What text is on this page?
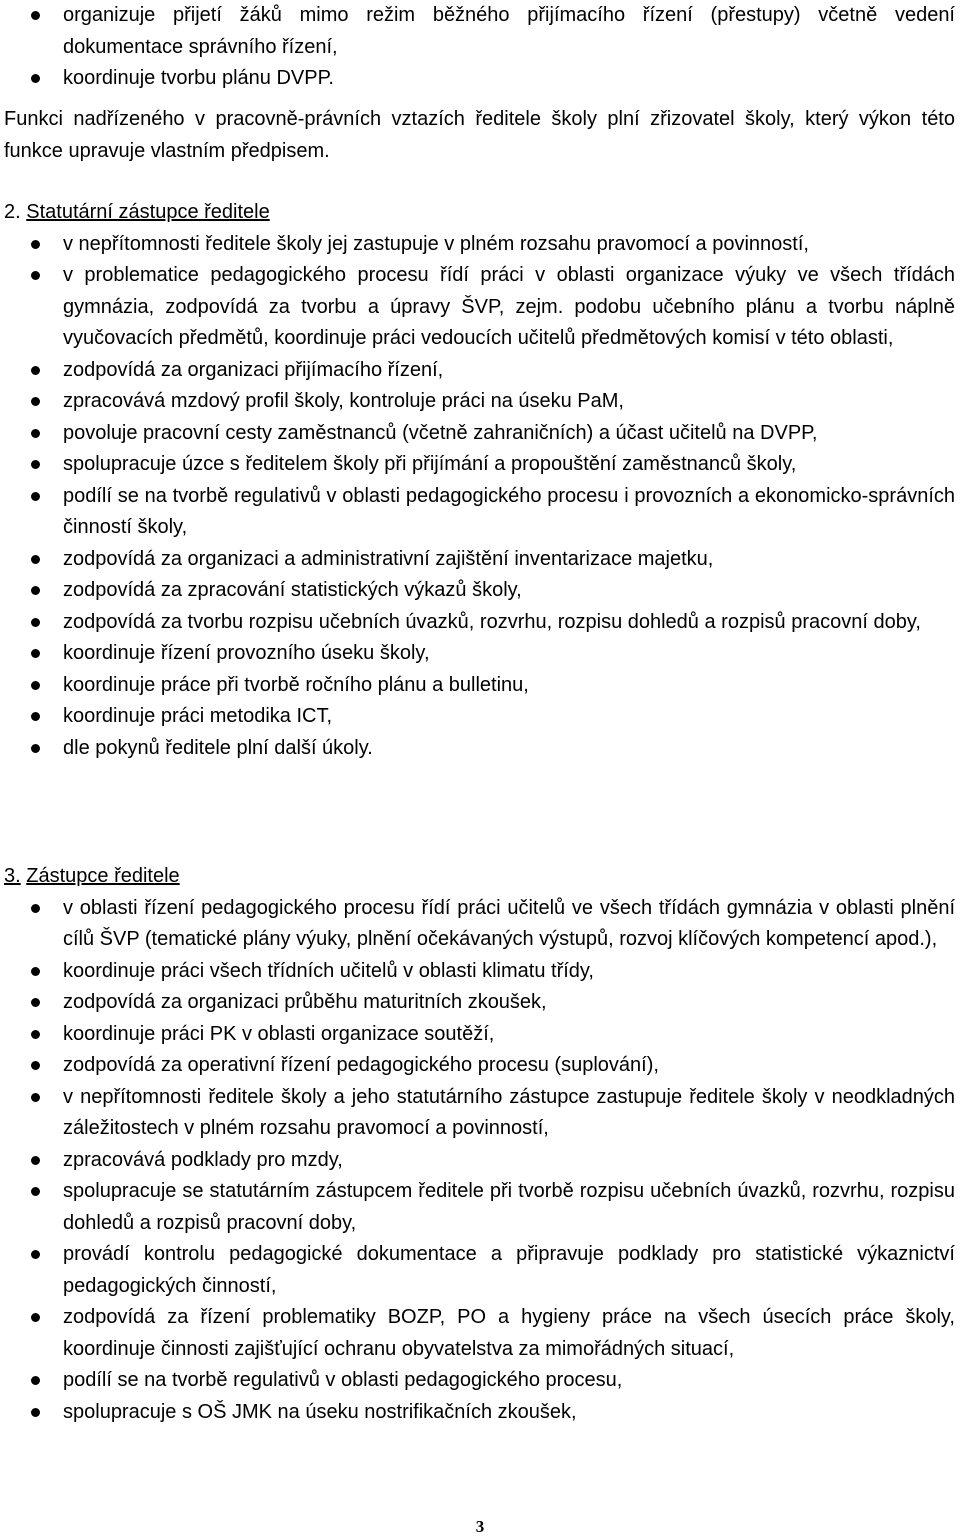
organizuje přijetí žáků mimo režim běžného přijímacího řízení (přestupy) včetně vedení dokumentace správního řízení,
koordinuje tvorbu plánu DVPP.

Funkci nadřízeného v pracovně-právních vztazích ředitele školy plní zřizovatel školy, který výkon této funkce upravuje vlastním předpisem.

2. Statutární zástupce ředitele

v nepřítomnosti ředitele školy jej zastupuje v plném rozsahu pravomocí a povinností,
v problematice pedagogického procesu řídí práci v oblasti organizace výuky ve všech třídách gymnázia, zodpovídá za tvorbu a úpravy ŠVP, zejm. podobu učebního plánu a tvorbu náplně vyučovacích předmětů, koordinuje práci vedoucích učitelů předmětových komisí v této oblasti,
zodpovídá za organizaci přijímacího řízení,
zpracovává mzdový profil školy, kontroluje práci na úseku PaM,
povoluje pracovní cesty zaměstnanců (včetně zahraničních) a účast učitelů na DVPP,
spolupracuje úzce s ředitelem školy při přijímání a propouštění zaměstnanců školy,
podílí se na tvorbě regulativů v oblasti pedagogického procesu i provozních a ekonomicko-správních činností školy,
zodpovídá za organizaci a administrativní zajištění inventarizace majetku,
zodpovídá za zpracování statistických výkazů školy,
zodpovídá za tvorbu rozpisu učebních úvazků, rozvrhu, rozpisu dohledů a rozpisů pracovní doby,
koordinuje řízení provozního úseku školy,
koordinuje práce při tvorbě ročního plánu a bulletinu,
koordinuje práci metodika ICT,
dle pokynů ředitele plní další úkoly.

3. Zástupce ředitele

v oblasti řízení pedagogického procesu řídí práci učitelů ve všech třídách gymnázia v oblasti plnění cílů ŠVP (tematické plány výuky, plnění očekávaných výstupů, rozvoj klíčových kompetencí apod.),
koordinuje práci všech třídních učitelů v oblasti klimatu třídy,
zodpovídá za organizaci průběhu maturitních zkoušek,
koordinuje práci PK v oblasti organizace soutěží,
zodpovídá za operativní řízení pedagogického procesu (suplování),
v nepřítomnosti ředitele školy a jeho statutárního zástupce zastupuje ředitele školy v neodkladných záležitostech v plném rozsahu pravomocí a povinností,
zpracovává podklady pro mzdy,
spolupracuje se statutárním zástupcem ředitele při tvorbě rozpisu učebních úvazků, rozvrhu, rozpisu dohledů a rozpisů pracovní doby,
provádí kontrolu pedagogické dokumentace a připravuje podklady pro statistické výkaznictví pedagogických činností,
zodpovídá za řízení problematiky BOZP, PO a hygieny práce na všech úsecích práce školy, koordinuje činnosti zajišťující ochranu obyvatelstva za mimořádných situací,
podílí se na tvorbě regulativů v oblasti pedagogického procesu,
spolupracuje s OŠ JMK na úseku nostrifikačních zkoušek,
3
